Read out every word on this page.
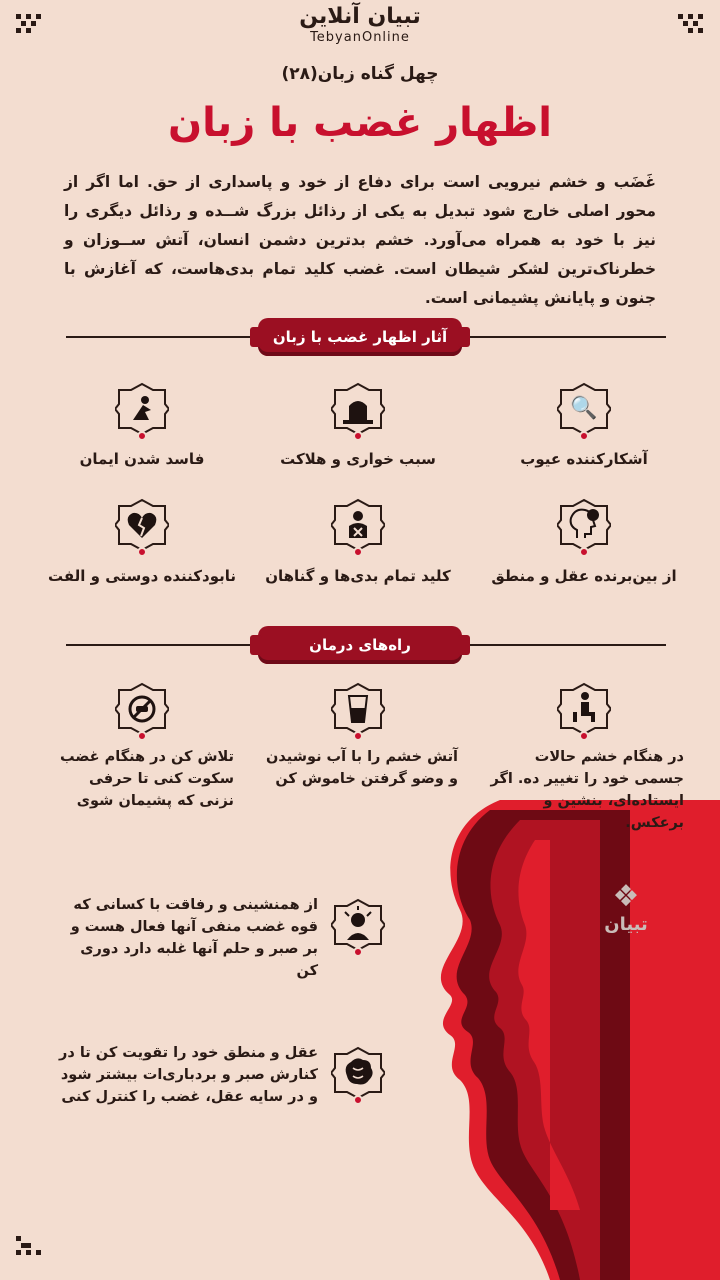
تبیان آنلاین
TebyanOnline
چهل گناه زبان(۲۸)
اظهار غضب با زبان
غَضَب و خشم نیرویی است برای دفاع از خود و پاسداری از حق. اما اگر از محور اصلی خارج شود تبدیل به یکی از رذائل بزرگ شــده و رذائل دیگری را نیز با خود به همراه می‌آورد. خشم بدترین دشمن انسان، آتش ســوزان و خطرناک‌ترین لشکر شیطان است. غضب کلید تمام بدی‌هاست، که آغازش با جنون و پایانش پشیمانی است.
آثار اظهار غضب با زبان
🔍
آشکارکننده عیوب
سبب خواری و هلاکت
فاسد شدن ایمان
از بین‌برنده عقل و منطق
کلید تمام بدی‌ها و گناهان
نابودکننده دوستی و الفت
راه‌های درمان
در هنگام خشم حالات جسمی خود را تغییر ده. اگر ایستاده‌ای، بنشین و برعکس.
آتش خشم را با آب نوشیدن و وضو گرفتن خاموش کن
تلاش کن در هنگام غضب سکوت کنی تا حرفی نزنی که پشیمان شوی
از همنشینی و رفاقت با کسانی که قوه غضب منفی آنها فعال هست و بر صبر و حلم آنها غلبه دارد دوری کن
عقل و منطق خود را تقویت کن تا در کنارش صبر و بردباری‌ات بیشتر شود و در سایه عقل، غضب را کنترل کنی
❖
تبیان
